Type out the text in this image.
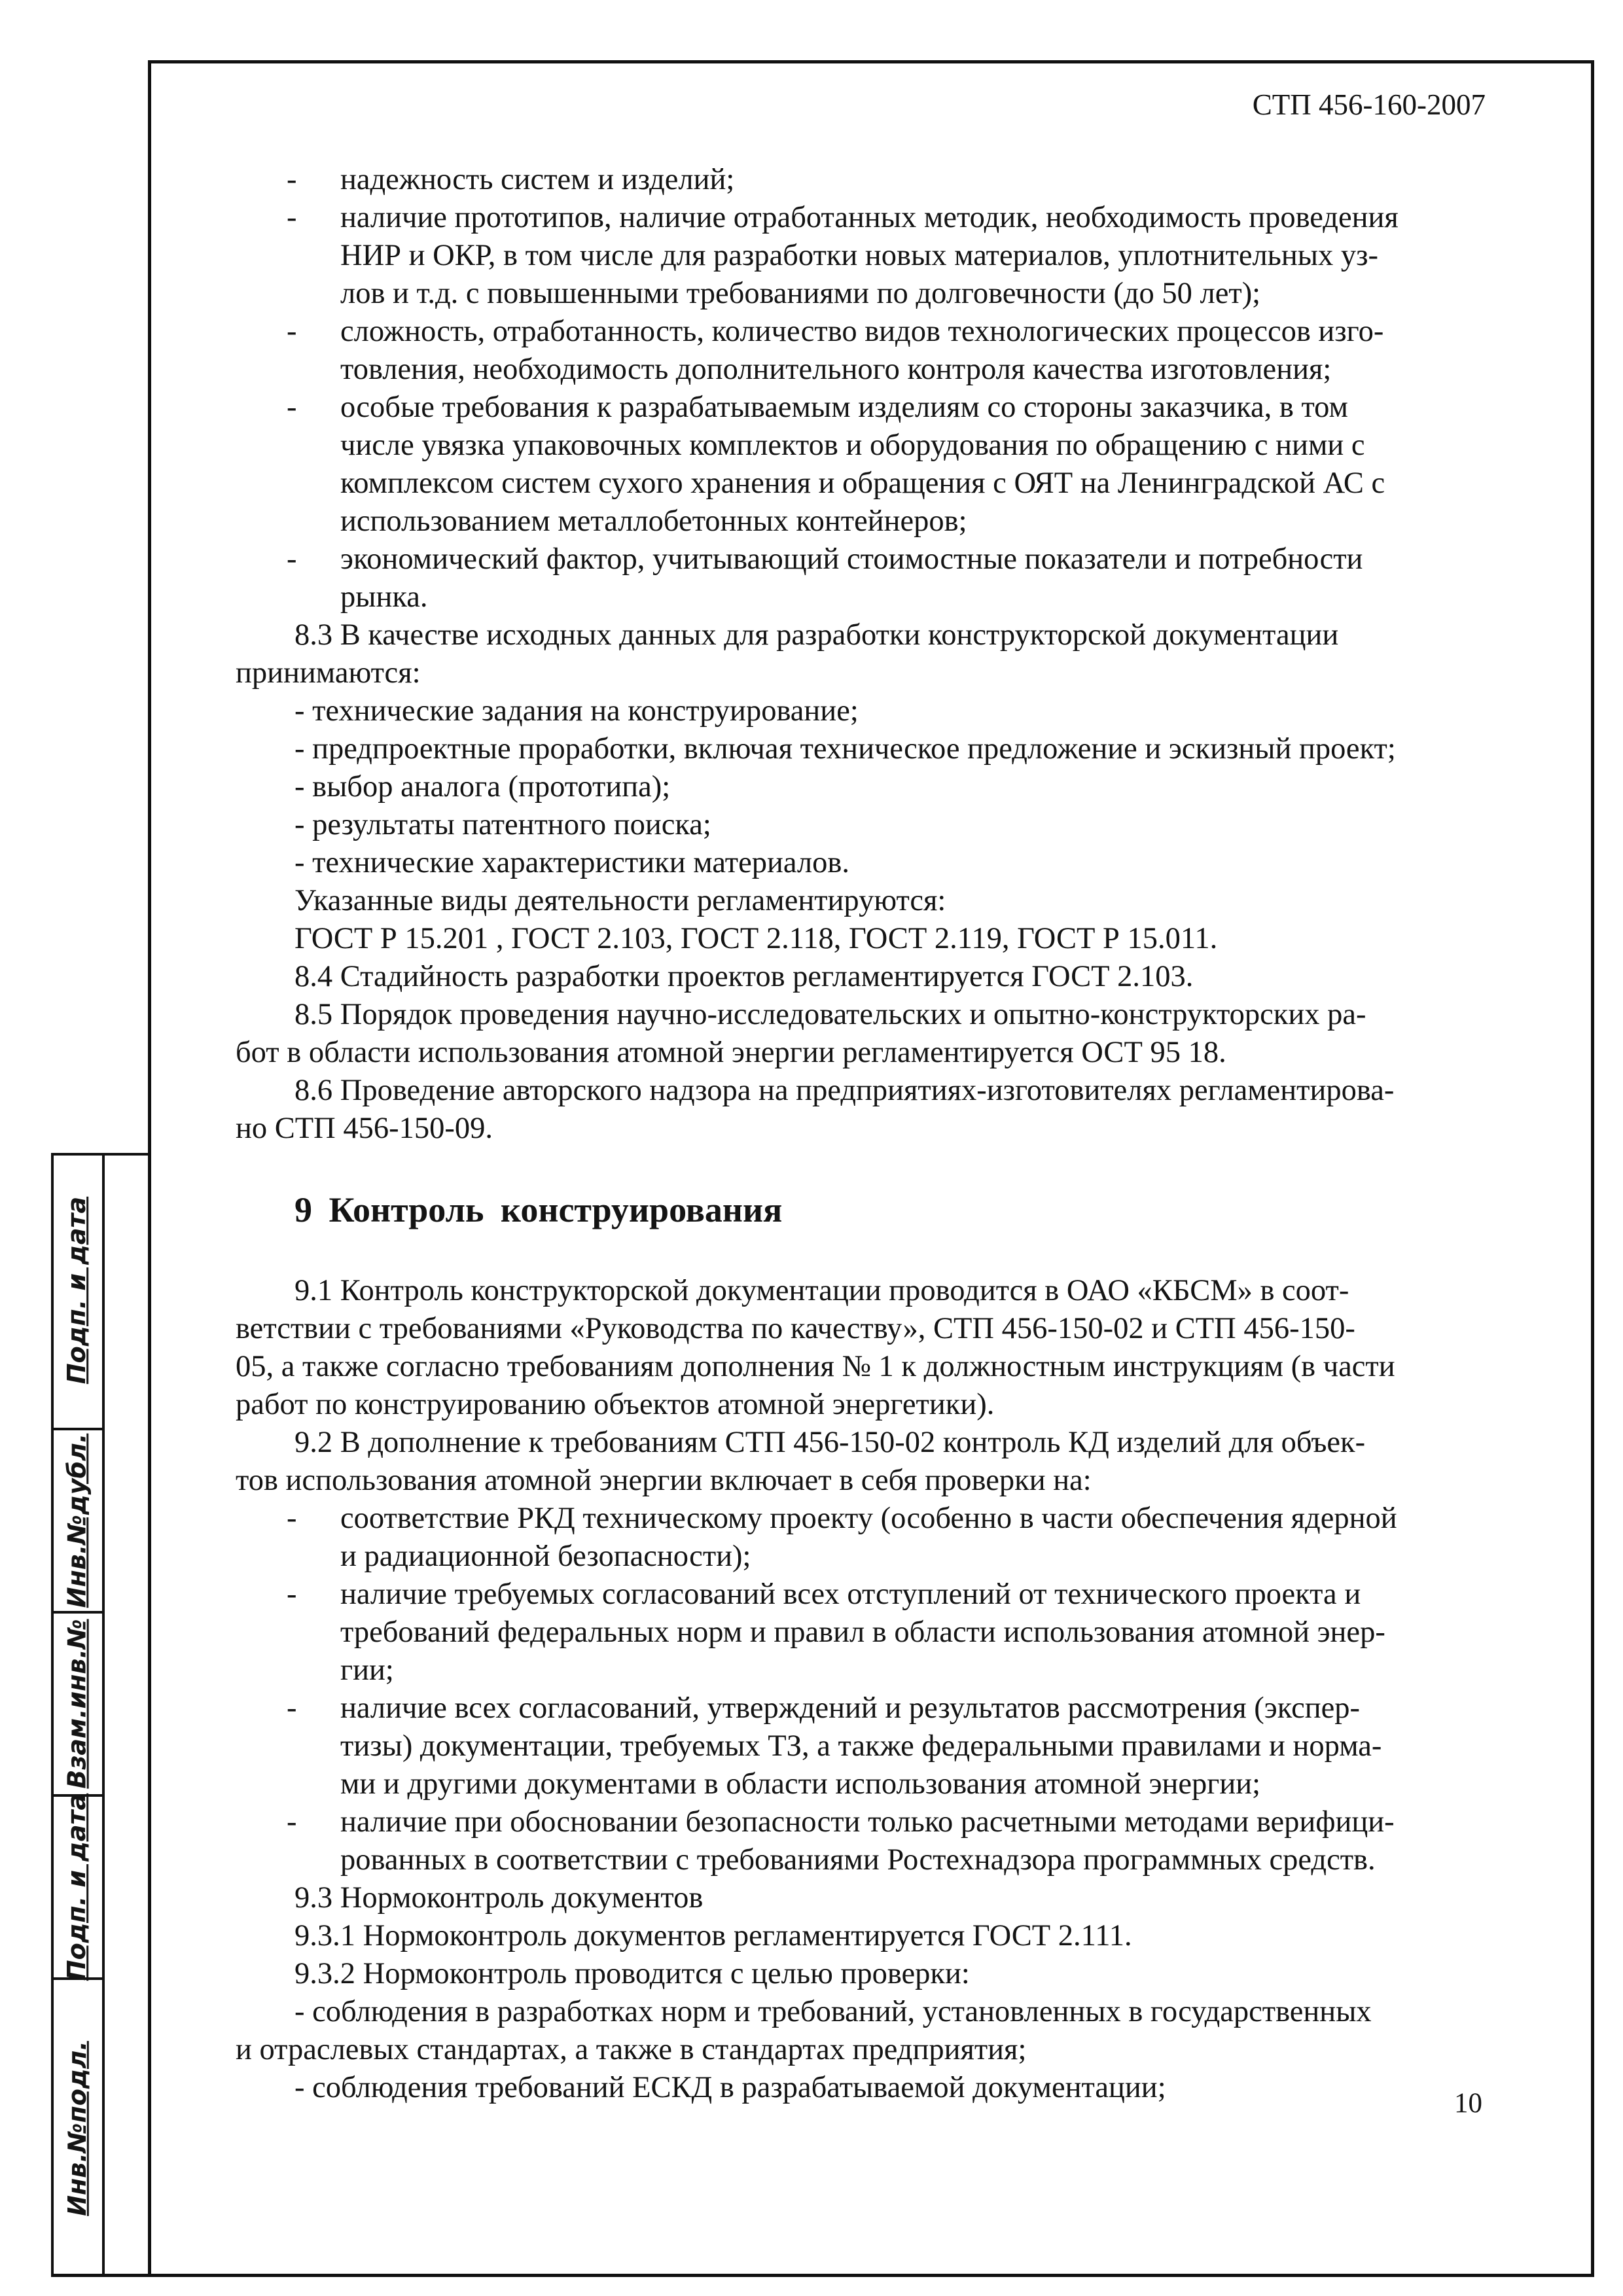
СТП 456-160-2007
Подп. и дата
Инв.№дубл.
Взам.инв.№
Подп. и дата
Инв.№подл.
- надежность систем и изделий;
- наличие прототипов, наличие отработанных методик, необходимость проведения
НИР и ОКР, в том числе для разработки новых материалов, уплотнительных уз-
лов и т.д. с повышенными требованиями по долговечности (до 50 лет);
- сложность, отработанность, количество видов технологических процессов изго-
товления, необходимость дополнительного контроля качества изготовления;
- особые требования к разрабатываемым изделиям со стороны заказчика, в том
числе увязка упаковочных комплектов и оборудования по обращению с ними с
комплексом систем сухого хранения и обращения с ОЯТ на Ленинградской АС с
использованием металлобетонных контейнеров;
- экономический фактор, учитывающий стоимостные показатели и потребности
рынка.
8.3 В качестве исходных данных для разработки конструкторской документации
принимаются:
- технические задания на конструирование;
- предпроектные проработки, включая техническое предложение и эскизный проект;
- выбор аналога (прототипа);
- результаты патентного поиска;
- технические характеристики материалов.
Указанные виды деятельности регламентируются:
ГОСТ Р 15.201 , ГОСТ 2.103, ГОСТ 2.118, ГОСТ 2.119, ГОСТ Р 15.011.
8.4 Стадийность разработки проектов регламентируется ГОСТ 2.103.
8.5 Порядок проведения научно-исследовательских и опытно-конструкторских ра-
бот в области использования атомной энергии регламентируется ОСТ 95 18.
8.6 Проведение авторского надзора на предприятиях-изготовителях регламентирова-
но СТП 456-150-09.
9 Контроль конструирования
9.1 Контроль конструкторской документации проводится в ОАО «КБСМ» в соот-
ветствии с требованиями «Руководства по качеству», СТП 456-150-02 и СТП 456-150-
05, а также согласно требованиям дополнения № 1 к должностным инструкциям (в части
работ по конструированию объектов атомной энергетики).
9.2 В дополнение к требованиям СТП 456-150-02 контроль КД изделий для объек-
тов использования атомной энергии включает в себя проверки на:
- соответствие РКД техническому проекту (особенно в части обеспечения ядерной
и радиационной безопасности);
- наличие требуемых согласований всех отступлений от технического проекта и
требований федеральных норм и правил в области использования атомной энер-
гии;
- наличие всех согласований, утверждений и результатов рассмотрения (экспер-
тизы) документации, требуемых ТЗ, а также федеральными правилами и норма-
ми и другими документами в области использования атомной энергии;
- наличие при обосновании безопасности только расчетными методами верифици-
рованных в соответствии с требованиями Ростехнадзора программных средств.
9.3 Нормоконтроль документов
9.3.1 Нормоконтроль документов регламентируется ГОСТ 2.111.
9.3.2 Нормоконтроль проводится с целью проверки:
- соблюдения в разработках норм и требований, установленных в государственных
и отраслевых стандартах, а также в стандартах предприятия;
- соблюдения требований ЕСКД в разрабатываемой документации;	10
